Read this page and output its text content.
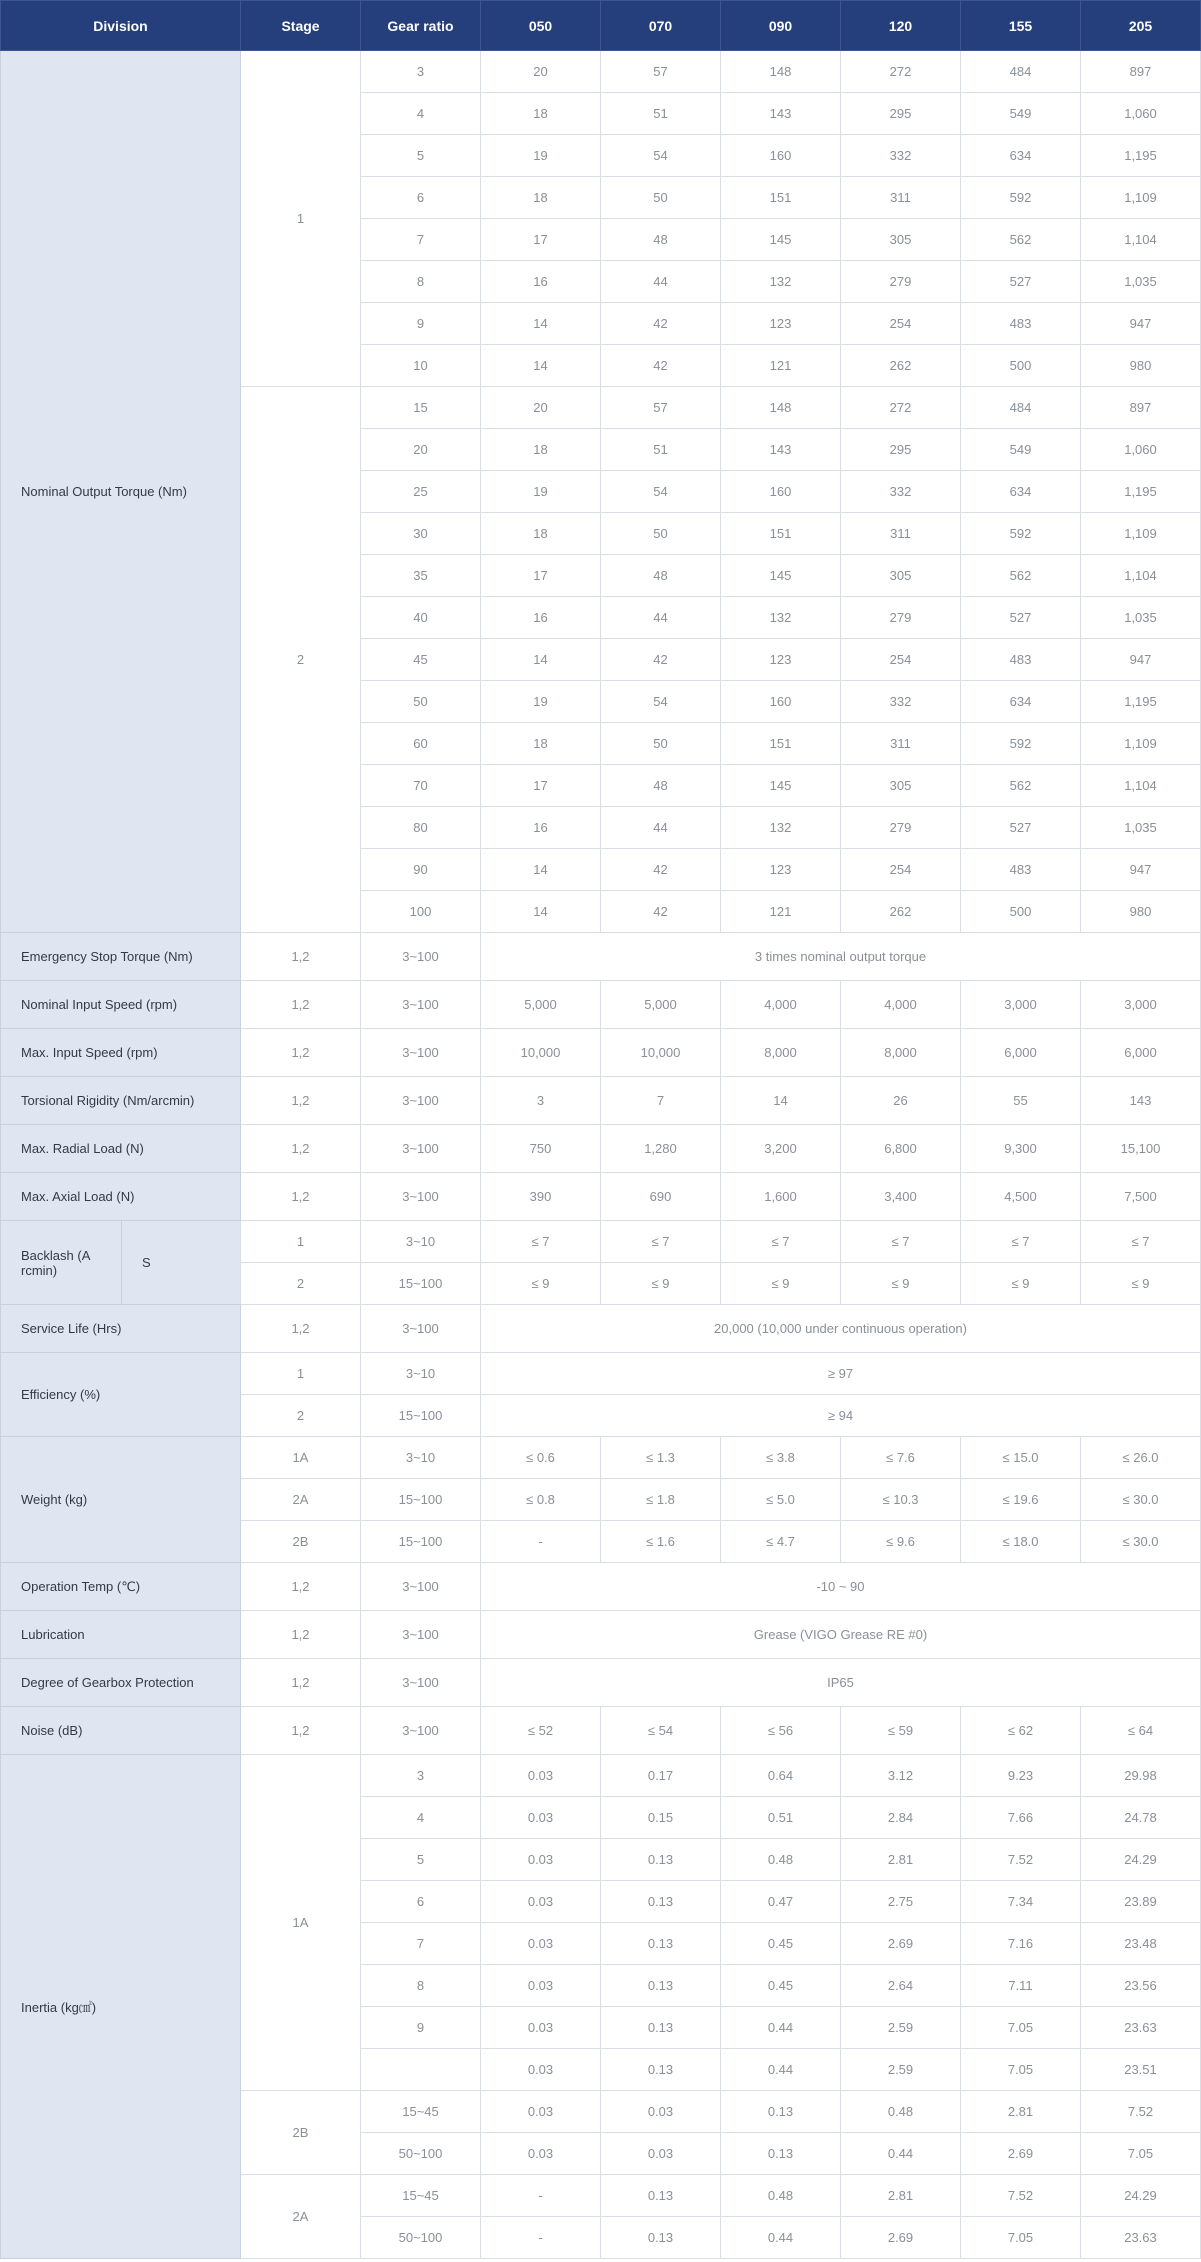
Division	Stage	Gear ratio	050	070	090	120	155	205
Nominal Output Torque (Nm)	1	3	20	57	148	272	484	897
		4	18	51	143	295	549	1,060
		5	19	54	160	332	634	1,195
		6	18	50	151	311	592	1,109
		7	17	48	145	305	562	1,104
		8	16	44	132	279	527	1,035
		9	14	42	123	254	483	947
		10	14	42	121	262	500	980
	2	15	20	57	148	272	484	897
		20	18	51	143	295	549	1,060
		25	19	54	160	332	634	1,195
		30	18	50	151	311	592	1,109
		35	17	48	145	305	562	1,104
		40	16	44	132	279	527	1,035
		45	14	42	123	254	483	947
		50	19	54	160	332	634	1,195
		60	18	50	151	311	592	1,109
		70	17	48	145	305	562	1,104
		80	16	44	132	279	527	1,035
		90	14	42	123	254	483	947
		100	14	42	121	262	500	980
Emergency Stop Torque (Nm)	1,2	3~100	3 times nominal output torque					
Nominal Input Speed (rpm)	1,2	3~100	5,000	5,000	4,000	4,000	3,000	3,000
Max. Input Speed (rpm)	1,2	3~100	10,000	10,000	8,000	8,000	6,000	6,000
Torsional Rigidity (Nm/arcmin)	1,2	3~100	3	7	14	26	55	143
Max. Radial Load (N)	1,2	3~100	750	1,280	3,200	6,800	9,300	15,100
Max. Axial Load (N)	1,2	3~100	390	690	1,600	3,400	4,500	7,500

Backlash (A rcmin) S	1	3~10	≤ 7	≤ 7	≤ 7	≤ 7	≤ 7	≤ 7
	2	15~100	≤ 9	≤ 9	≤ 9	≤ 9	≤ 9	≤ 9
Service Life (Hrs)	1,2	3~100	20,000 (10,000 under continuous operation)					
Efficiency (%)	1	3~10	≥ 97					
	2	15~100	≥ 94					
Weight (kg)	1A	3~10	≤ 0.6	≤ 1.3	≤ 3.8	≤ 7.6	≤ 15.0	≤ 26.0
	2A	15~100	≤ 0.8	≤ 1.8	≤ 5.0	≤ 10.3	≤ 19.6	≤ 30.0
	2B	15~100	-	≤ 1.6	≤ 4.7	≤ 9.6	≤ 18.0	≤ 30.0
Operation Temp (℃)	1,2	3~100	-10 ~ 90					
Lubrication	1,2	3~100	Grease (VIGO Grease RE #0)					
Degree of Gearbox Protection	1,2	3~100	IP65					
Noise (dB)	1,2	3~100	≤ 52	≤ 54	≤ 56	≤ 59	≤ 62	≤ 64
Inertia (kg㎠)	1A	3	0.03	0.17	0.64	3.12	9.23	29.98
		4	0.03	0.15	0.51	2.84	7.66	24.78
		5	0.03	0.13	0.48	2.81	7.52	24.29
		6	0.03	0.13	0.47	2.75	7.34	23.89
		7	0.03	0.13	0.45	2.69	7.16	23.48
		8	0.03	0.13	0.45	2.64	7.11	23.56
		9	0.03	0.13	0.44	2.59	7.05	23.63
			0.03	0.13	0.44	2.59	7.05	23.51
	2B	15~45	0.03	0.03	0.13	0.48	2.81	7.52
		50~100	0.03	0.03	0.13	0.44	2.69	7.05
	2A	15~45	-	0.13	0.48	2.81	7.52	24.29
		50~100	-	0.13	0.44	2.69	7.05	23.63
